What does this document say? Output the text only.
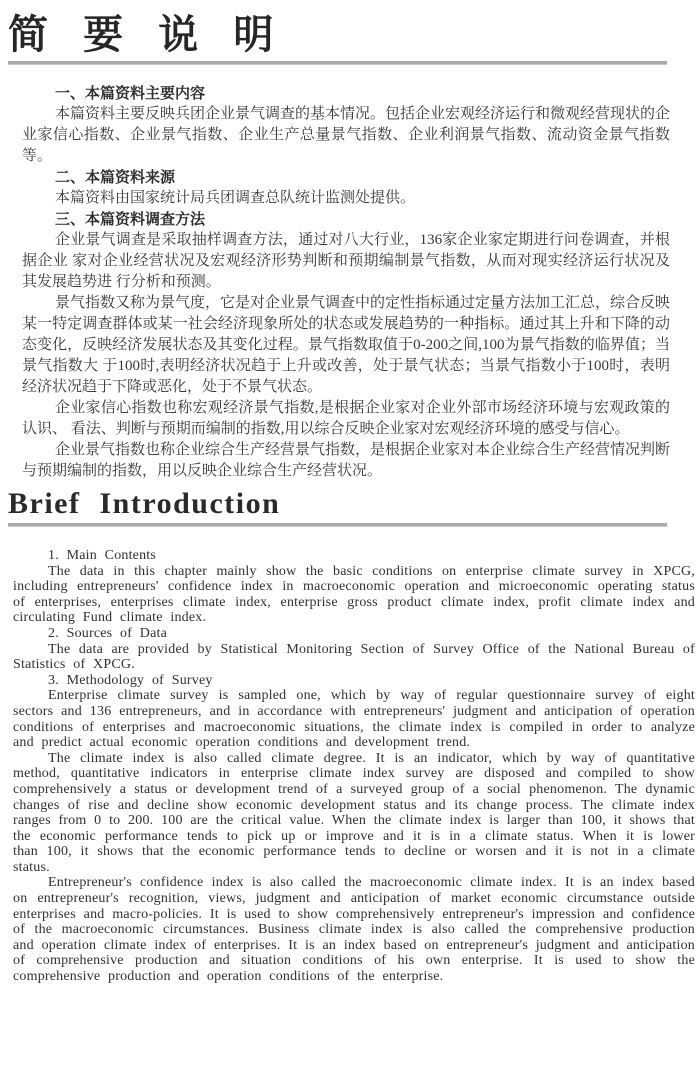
简 要 说 明
一、本篇资料主要内容

本篇资料主要反映兵团企业景气调查的基本情况。包括企业宏观经济运行和微观经营现状的企业家信心指数、企业景气指数、企业生产总量景气指数、企业利润景气指数、流动资金景气指数等。

二、本篇资料来源

本篇资料由国家统计局兵团调查总队统计监测处提供。

三、本篇资料调查方法

企业景气调查是采取抽样调查方法，通过对八大行业，136家企业家定期进行问卷调查，并根据企业 家对企业经营状况及宏观经济形势判断和预期编制景气指数，从而对现实经济运行状况及其发展趋势进 行分析和预测。

景气指数又称为景气度，它是对企业景气调查中的定性指标通过定量方法加工汇总，综合反映某一特定调查群体或某一社会经济现象所处的状态或发展趋势的一种指标。通过其上升和下降的动态变化，反映经济发展状态及其变化过程。景气指数取值于0-200之间,100为景气指数的临界值；当景气指数大 于100时,表明经济状况趋于上升或改善，处于景气状态；当景气指数小于100时，表明经济状况趋于下降或恶化，处于不景气状态。

企业家信心指数也称宏观经济景气指数,是根据企业家对企业外部市场经济环境与宏观政策的认识、 看法、判断与预期而编制的指数,用以综合反映企业家对宏观经济环境的感受与信心。

企业景气指数也称企业综合生产经营景气指数，是根据企业家对本企业综合生产经营情况判断与预期编制的指数，用以反映企业综合生产经营状况。

Brief Introduction

1. Main Contents

The data in this chapter mainly show the basic conditions on enterprise climate survey in XPCG, including entrepreneurs' confidence index in macroeconomic operation and microeconomic operating status of enterprises, enterprises climate index, enterprise gross product climate index, profit climate index and circulating Fund climate index.

2. Sources of Data

The data are provided by Statistical Monitoring Section of Survey Office of the National Bureau of Statistics of XPCG.

3. Methodology of Survey

Enterprise climate survey is sampled one, which by way of regular questionnaire survey of eight sectors and 136 entrepreneurs, and in accordance with entrepreneurs' judgment and anticipation of operation conditions of enterprises and macroeconomic situations, the climate index is compiled in order to analyze and predict actual economic operation conditions and development trend.

The climate index is also called climate degree. It is an indicator, which by way of quantitative method, quantitative indicators in enterprise climate index survey are disposed and compiled to show comprehensively a status or development trend of a surveyed group of a social phenomenon. The dynamic changes of rise and decline show economic development status and its change process. The climate index ranges from 0 to 200. 100 are the critical value. When the climate index is larger than 100, it shows that the economic performance tends to pick up or improve and it is in a climate status. When it is lower than 100, it shows that the economic performance tends to decline or worsen and it is not in a climate status.

Entrepreneur's confidence index is also called the macroeconomic climate index. It is an index based on entrepreneur's recognition, views, judgment and anticipation of market economic circumstance outside enterprises and macro-policies. It is used to show comprehensively entrepreneur's impression and confidence of the macroeconomic circumstances. Business climate index is also called the comprehensive production and operation climate index of enterprises. It is an index based on entrepreneur's judgment and anticipation of comprehensive production and situation conditions of his own enterprise. It is used to show the comprehensive production and operation conditions of the enterprise.
